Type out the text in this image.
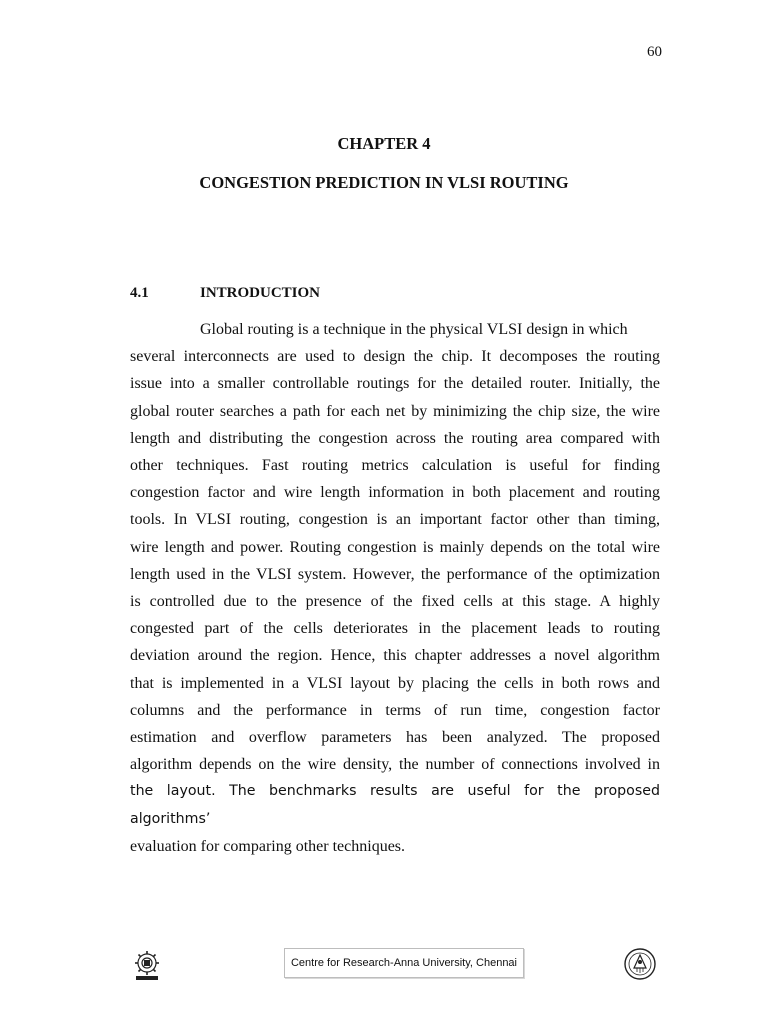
60
CHAPTER 4
CONGESTION PREDICTION IN VLSI ROUTING
4.1	INTRODUCTION
Global routing is a technique in the physical VLSI design in which
several interconnects are used to design the chip. It decomposes the routing
issue into a smaller controllable routings for the detailed router. Initially, the
global router searches a path for each net by minimizing the chip size, the wire
length and distributing the congestion across the routing area compared with
other techniques. Fast routing metrics calculation is useful for finding
congestion factor and wire length information in both placement and routing
tools. In VLSI routing, congestion is an important factor other than timing,
wire length and power. Routing congestion is mainly depends on the total wire
length used in the VLSI system. However, the performance of the optimization
is controlled due to the presence of the fixed cells at this stage. A highly
congested part of the cells deteriorates in the placement leads to routing
deviation around the region. Hence, this chapter addresses a novel algorithm
that is implemented in a VLSI layout by placing the cells in both rows and
columns and the performance in terms of run time, congestion factor
estimation and overflow parameters has been analyzed. The proposed
algorithm depends on the wire density, the number of connections involved in
the layout. The benchmarks results are useful for the proposed algorithms’
evaluation for comparing other techniques.
Centre for Research-Anna University, Chennai
